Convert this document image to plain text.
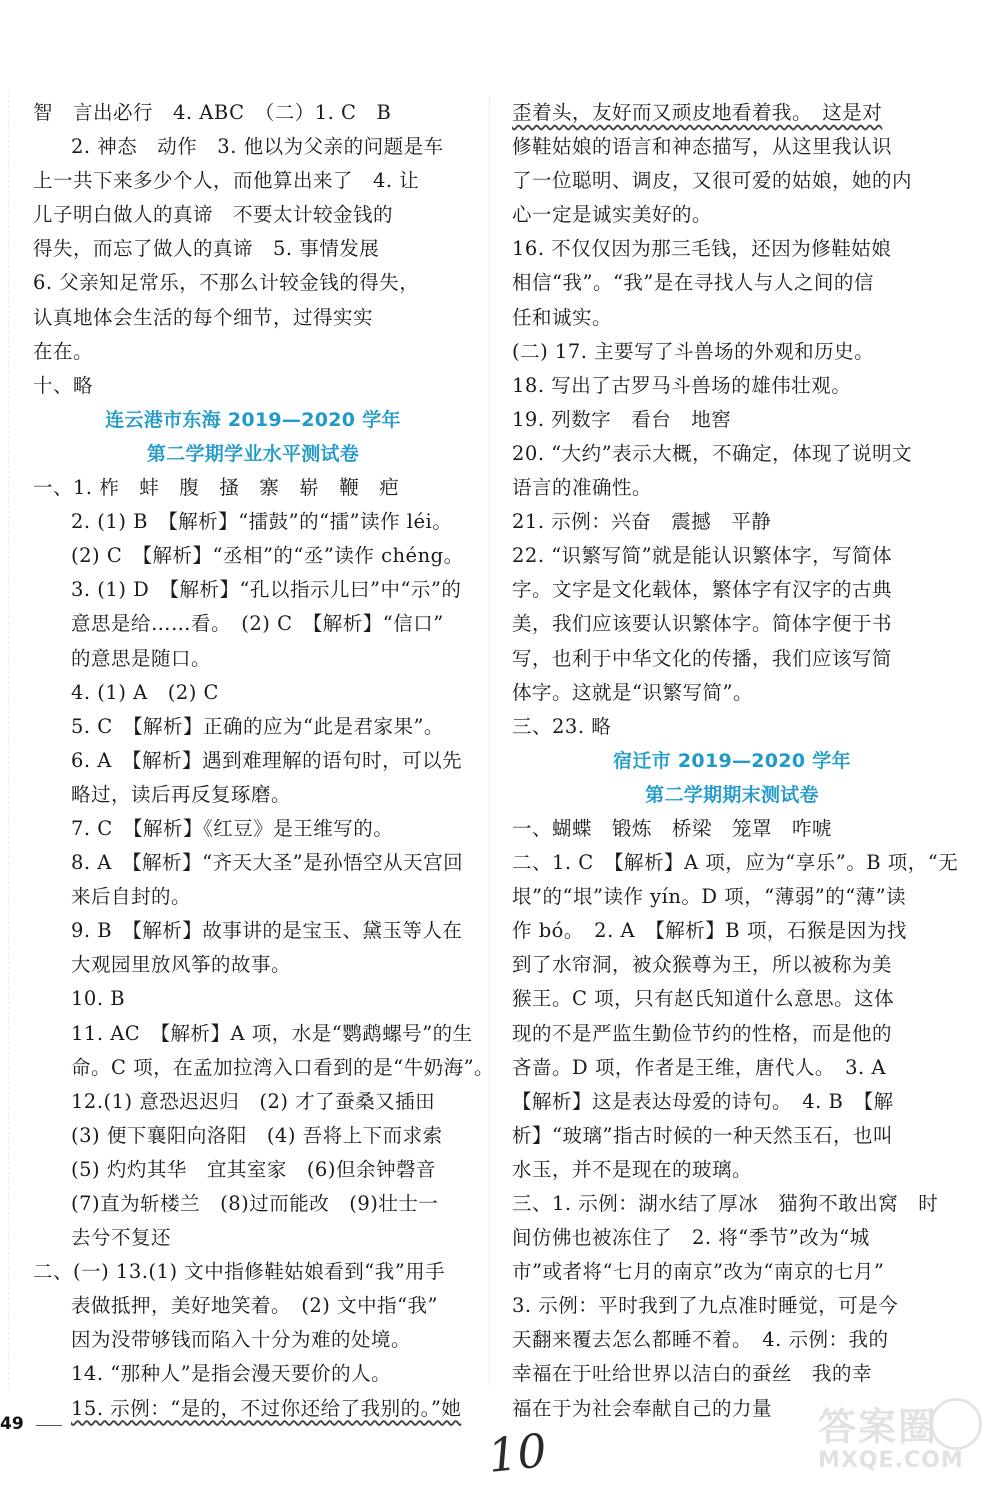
智　言出必行　4. ABC　（二）1. C　B
2. 神态　动作　3. 他以为父亲的问题是车
上一共下来多少个人，而他算出来了　4. 让
儿子明白做人的真谛　不要太计较金钱的
得失，而忘了做人的真谛　5. 事情发展
6. 父亲知足常乐，不那么计较金钱的得失，
认真地体会生活的每个细节，过得实实
在在。
十、略
连云港市东海 2019—2020 学年
第二学期学业水平测试卷
一、1. 柞　蚌　腹　搔　寨　崭　鞭　疤
2. (1) B　【解析】“擂鼓”的“擂”读作 léi。
(2) C　【解析】“丞相”的“丞”读作 chéng。
3. (1) D　【解析】“孔以指示儿曰”中“示”的
意思是给……看。　(2) C　【解析】“信口”
的意思是随口。
4. (1) A　(2) C
5. C　【解析】正确的应为“此是君家果”。
6. A　【解析】遇到难理解的语句时，可以先
略过，读后再反复琢磨。
7. C　【解析】《红豆》是王维写的。
8. A　【解析】“齐天大圣”是孙悟空从天宫回
来后自封的。
9. B　【解析】故事讲的是宝玉、黛玉等人在
大观园里放风筝的故事。
10. B
11. AC　【解析】A 项，水是“鹦鹉螺号”的生
命。C 项，在孟加拉湾入口看到的是“牛奶海”。
12.(1) 意恐迟迟归　(2) 才了蚕桑又插田
(3) 便下襄阳向洛阳　(4) 吾将上下而求索
(5) 灼灼其华　宜其室家　(6)但余钟磬音
(7)直为斩楼兰　(8)过而能改　(9)壮士一
去兮不复还
二、(一) 13.(1) 文中指修鞋姑娘看到“我”用手
表做抵押，美好地笑着。　(2) 文中指“我”
因为没带够钱而陷入十分为难的处境。
14. “那种人”是指会漫天要价的人。
15. 示例：“是的，不过你还给了我别的。”她
歪着头，友好而又顽皮地看着我。　这是对
修鞋姑娘的语言和神态描写，从这里我认识
了一位聪明、调皮，又很可爱的姑娘，她的内
心一定是诚实美好的。
16. 不仅仅因为那三毛钱，还因为修鞋姑娘
相信“我”。“我”是在寻找人与人之间的信
任和诚实。
(二) 17. 主要写了斗兽场的外观和历史。
18. 写出了古罗马斗兽场的雄伟壮观。
19. 列数字　看台　地窖
20. “大约”表示大概，不确定，体现了说明文
语言的准确性。
21. 示例：兴奋　震撼　平静
22. “识繁写简”就是能认识繁体字，写简体
字。文字是文化载体，繁体字有汉字的古典
美，我们应该要认识繁体字。简体字便于书
写，也利于中华文化的传播，我们应该写简
体字。这就是“识繁写简”。
三、23. 略
宿迁市 2019—2020 学年
第二学期期末测试卷
一、蝴蝶　锻炼　桥梁　笼罩　咋唬
二、1. C　【解析】A 项，应为“享乐”。B 项，“无
垠”的“垠”读作 yín。D 项，“薄弱”的“薄”读
作 bó。　2. A　【解析】B 项，石猴是因为找
到了水帘洞，被众猴尊为王，所以被称为美
猴王。C 项，只有赵氏知道什么意思。这体
现的不是严监生勤俭节约的性格，而是他的
吝啬。D 项，作者是王维，唐代人。　3. A
【解析】这是表达母爱的诗句。　4. B　【解
析】“玻璃”指古时候的一种天然玉石，也叫
水玉，并不是现在的玻璃。
三、1. 示例：湖水结了厚冰　猫狗不敢出窝　时
间仿佛也被冻住了　2. 将“季节”改为“城
市”或者将“七月的南京”改为“南京的七月”
3. 示例：平时我到了九点准时睡觉，可是今
天翻来覆去怎么都睡不着。　4. 示例：我的
幸福在于吐给世界以洁白的蚕丝　我的幸
福在于为社会奉献自己的力量
49	10	答案圈
MXQE.COM
